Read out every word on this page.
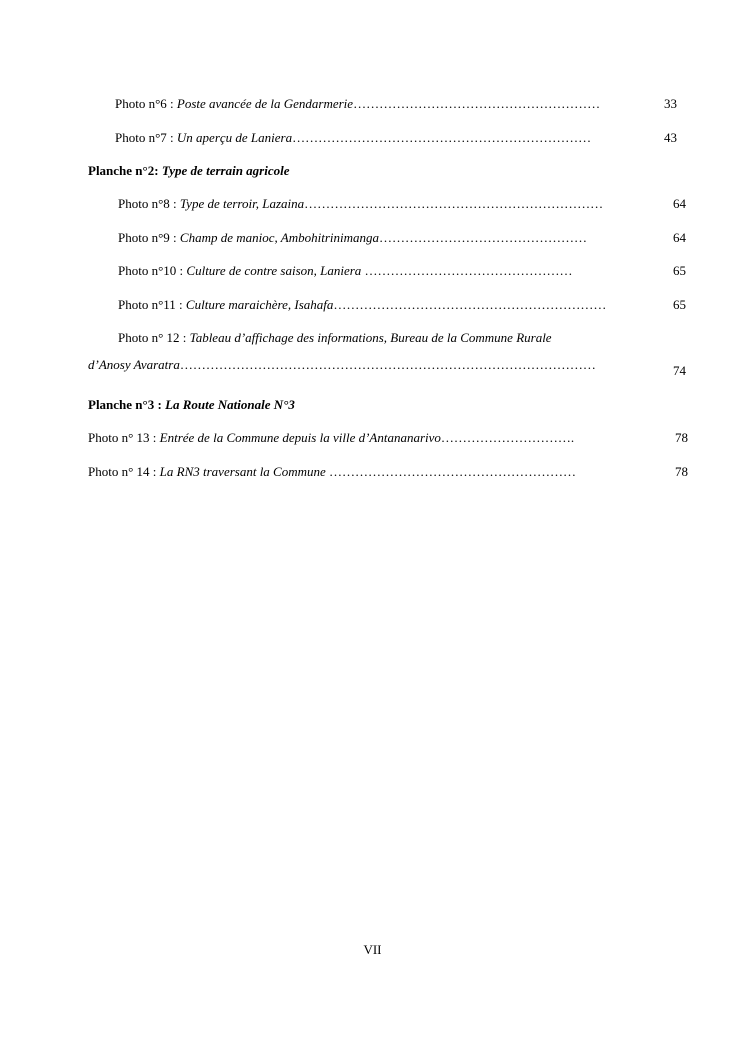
Photo n°6 : Poste avancée de la Gendarmerie…………………………………………………	33
Photo n°7 : Un aperçu de Laniera……………………………………………………………	43
Planche n°2: Type de terrain agricole
Photo n°8 : Type de terroir, Lazaina……………………………………………………………	64
Photo n°9 : Champ de manioc, Ambohitrinimanga…………………………………………	64
Photo n°10 : Culture de contre saison, Laniera …………………………………………	65
Photo n°11 : Culture maraichère, Isahafa………………………………………………………	65
Photo n° 12 : Tableau d’affichage des informations, Bureau de la Commune Rurale
d’Anosy Avaratra……………………………………………………………………………………	74
Planche n°3 : La Route Nationale N°3
Photo n° 13 : Entrée de la Commune depuis la ville d’Antananarivo………………………….	78
Photo n° 14 : La RN3 traversant la Commune …………………………………………………	78
VII
